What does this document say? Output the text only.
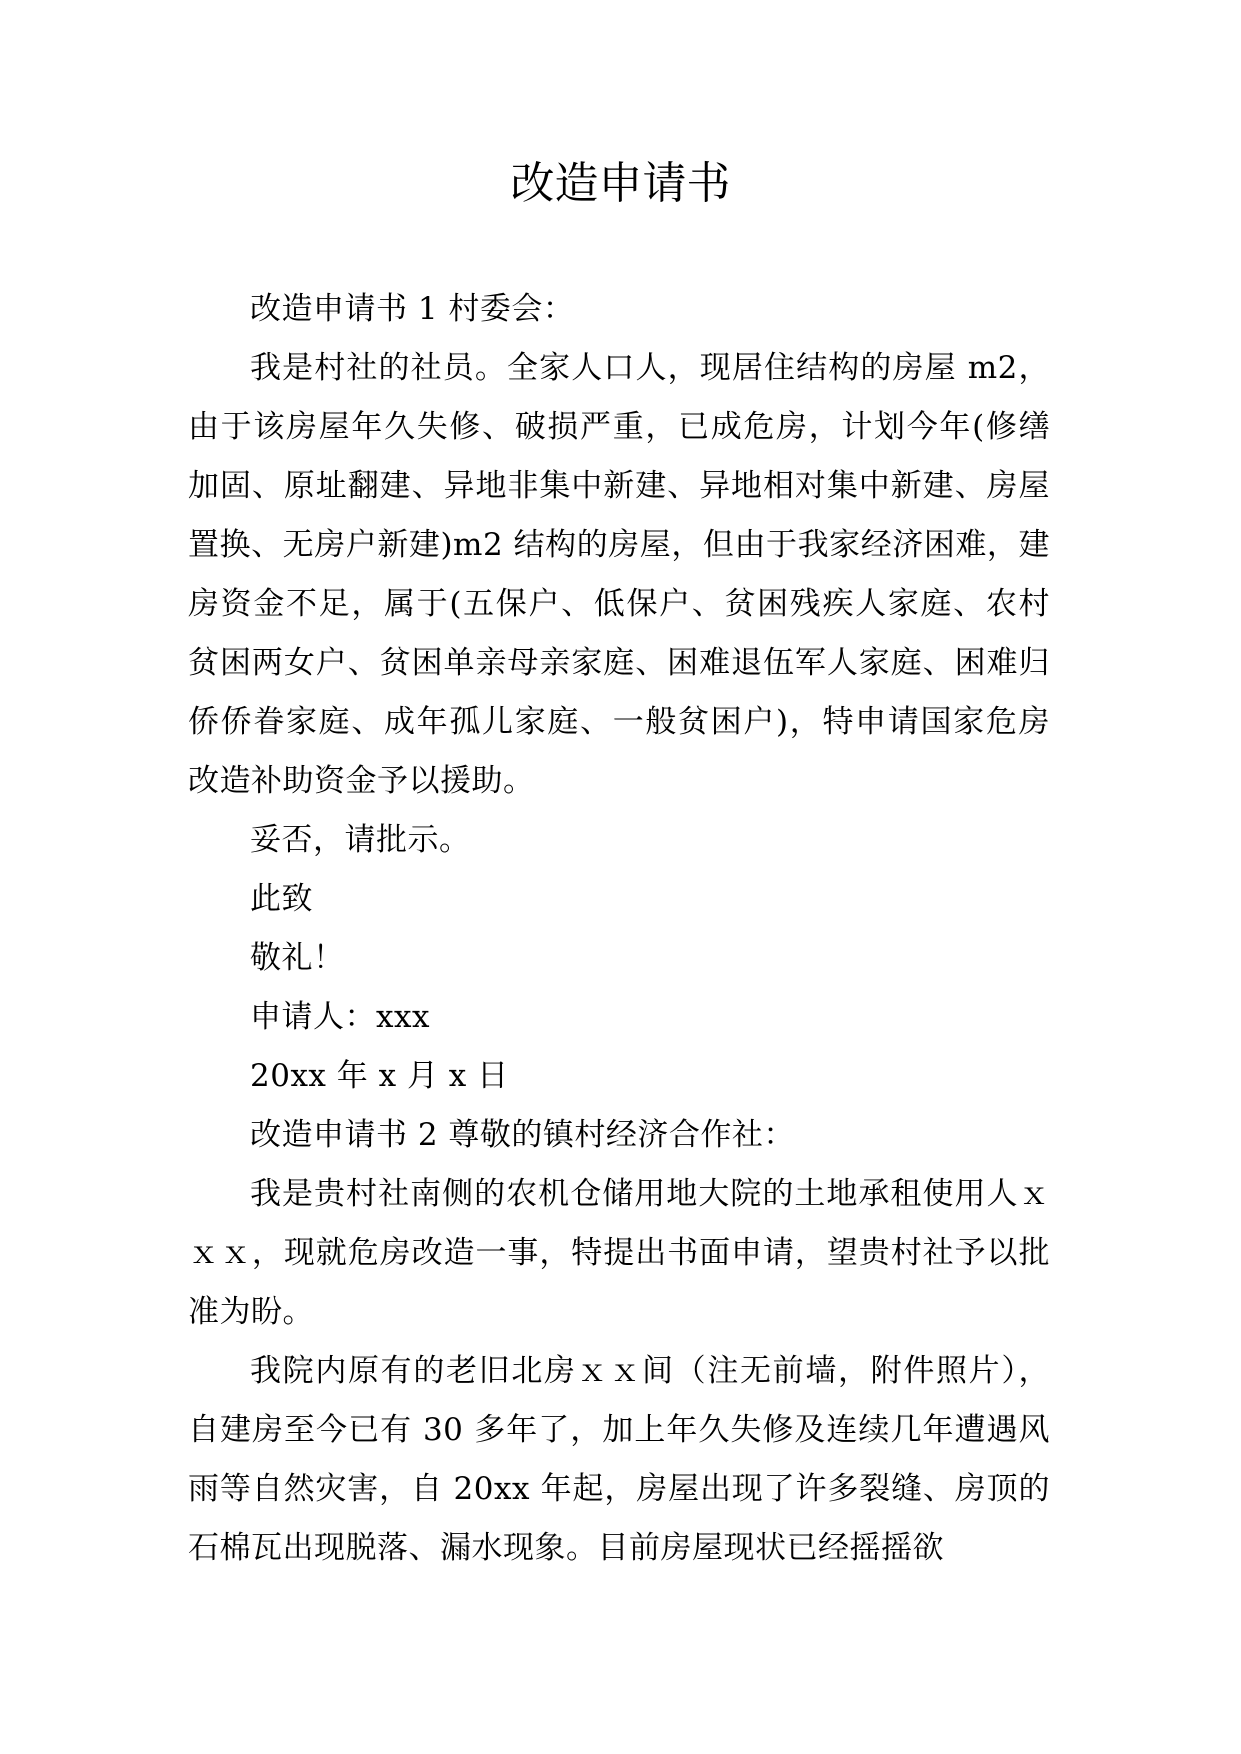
改造申请书

改造申请书 1 村委会：

我是村社的社员。全家人口人，现居住结构的房屋 m2，由于该房屋年久失修、破损严重，已成危房，计划今年(修缮加固、原址翻建、异地非集中新建、异地相对集中新建、房屋置换、无房户新建)m2 结构的房屋，但由于我家经济困难，建房资金不足，属于(五保户、低保户、贫困残疾人家庭、农村贫困两女户、贫困单亲母亲家庭、困难退伍军人家庭、困难归侨侨眷家庭、成年孤儿家庭、一般贫困户)，特申请国家危房改造补助资金予以援助。

妥否，请批示。

此致

敬礼！

申请人：xxx

20xx 年 x 月 x 日

改造申请书 2 尊敬的镇村经济合作社：

我是贵村社南侧的农机仓储用地大院的土地承租使用人ｘｘｘ，现就危房改造一事，特提出书面申请，望贵村社予以批准为盼。

我院内原有的老旧北房ｘｘ间（注无前墙，附件照片），自建房至今已有 30 多年了，加上年久失修及连续几年遭遇风雨等自然灾害，自 20xx 年起，房屋出现了许多裂缝、房顶的石棉瓦出现脱落、漏水现象。目前房屋现状已经摇摇欲
